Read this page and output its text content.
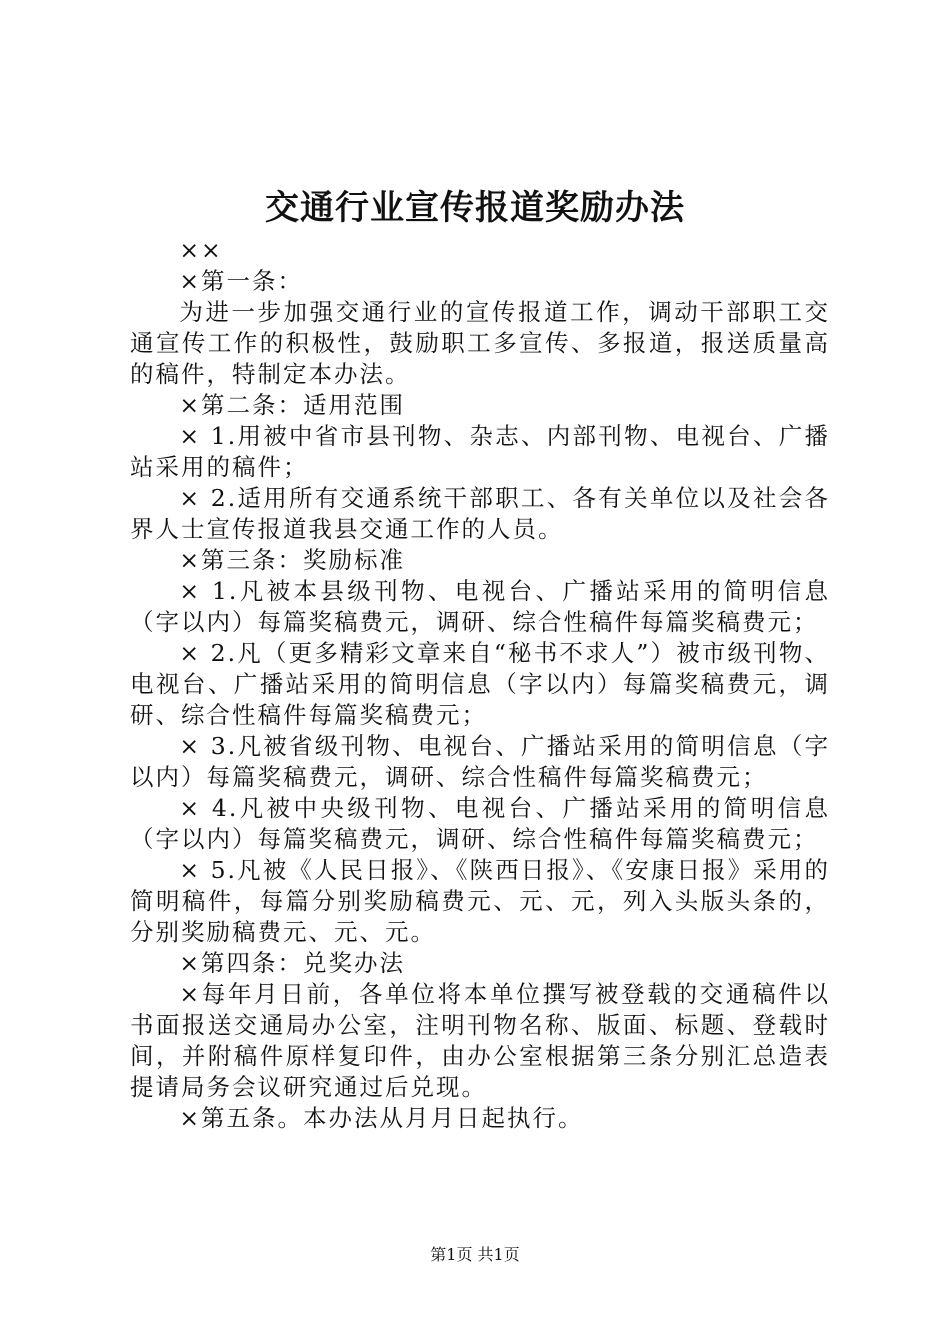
交通行业宣传报道奖励办法

××

×第一条：

为进一步加强交通行业的宣传报道工作，调动干部职工交通宣传工作的积极性，鼓励职工多宣传、多报道，报送质量高的稿件，特制定本办法。

×第二条：适用范围

× 1.用被中省市县刊物、杂志、内部刊物、电视台、广播站采用的稿件；

× 2.适用所有交通系统干部职工、各有关单位以及社会各界人士宣传报道我县交通工作的人员。

×第三条：奖励标准

× 1.凡被本县级刊物、电视台、广播站采用的简明信息（字以内）每篇奖稿费元，调研、综合性稿件每篇奖稿费元；

× 2.凡（更多精彩文章来自“秘书不求人”）被市级刊物、电视台、广播站采用的简明信息（字以内）每篇奖稿费元，调研、综合性稿件每篇奖稿费元；

× 3.凡被省级刊物、电视台、广播站采用的简明信息（字以内）每篇奖稿费元，调研、综合性稿件每篇奖稿费元；

× 4.凡被中央级刊物、电视台、广播站采用的简明信息（字以内）每篇奖稿费元，调研、综合性稿件每篇奖稿费元；

× 5.凡被《人民日报》、《陕西日报》、《安康日报》采用的简明稿件，每篇分别奖励稿费元、元、元，列入头版头条的，分别奖励稿费元、元、元。

×第四条：兑奖办法

×每年月日前，各单位将本单位撰写被登载的交通稿件以书面报送交通局办公室，注明刊物名称、版面、标题、登载时间，并附稿件原样复印件，由办公室根据第三条分别汇总造表提请局务会议研究通过后兑现。

×第五条。本办法从月月日起执行。

第1页 共1页
